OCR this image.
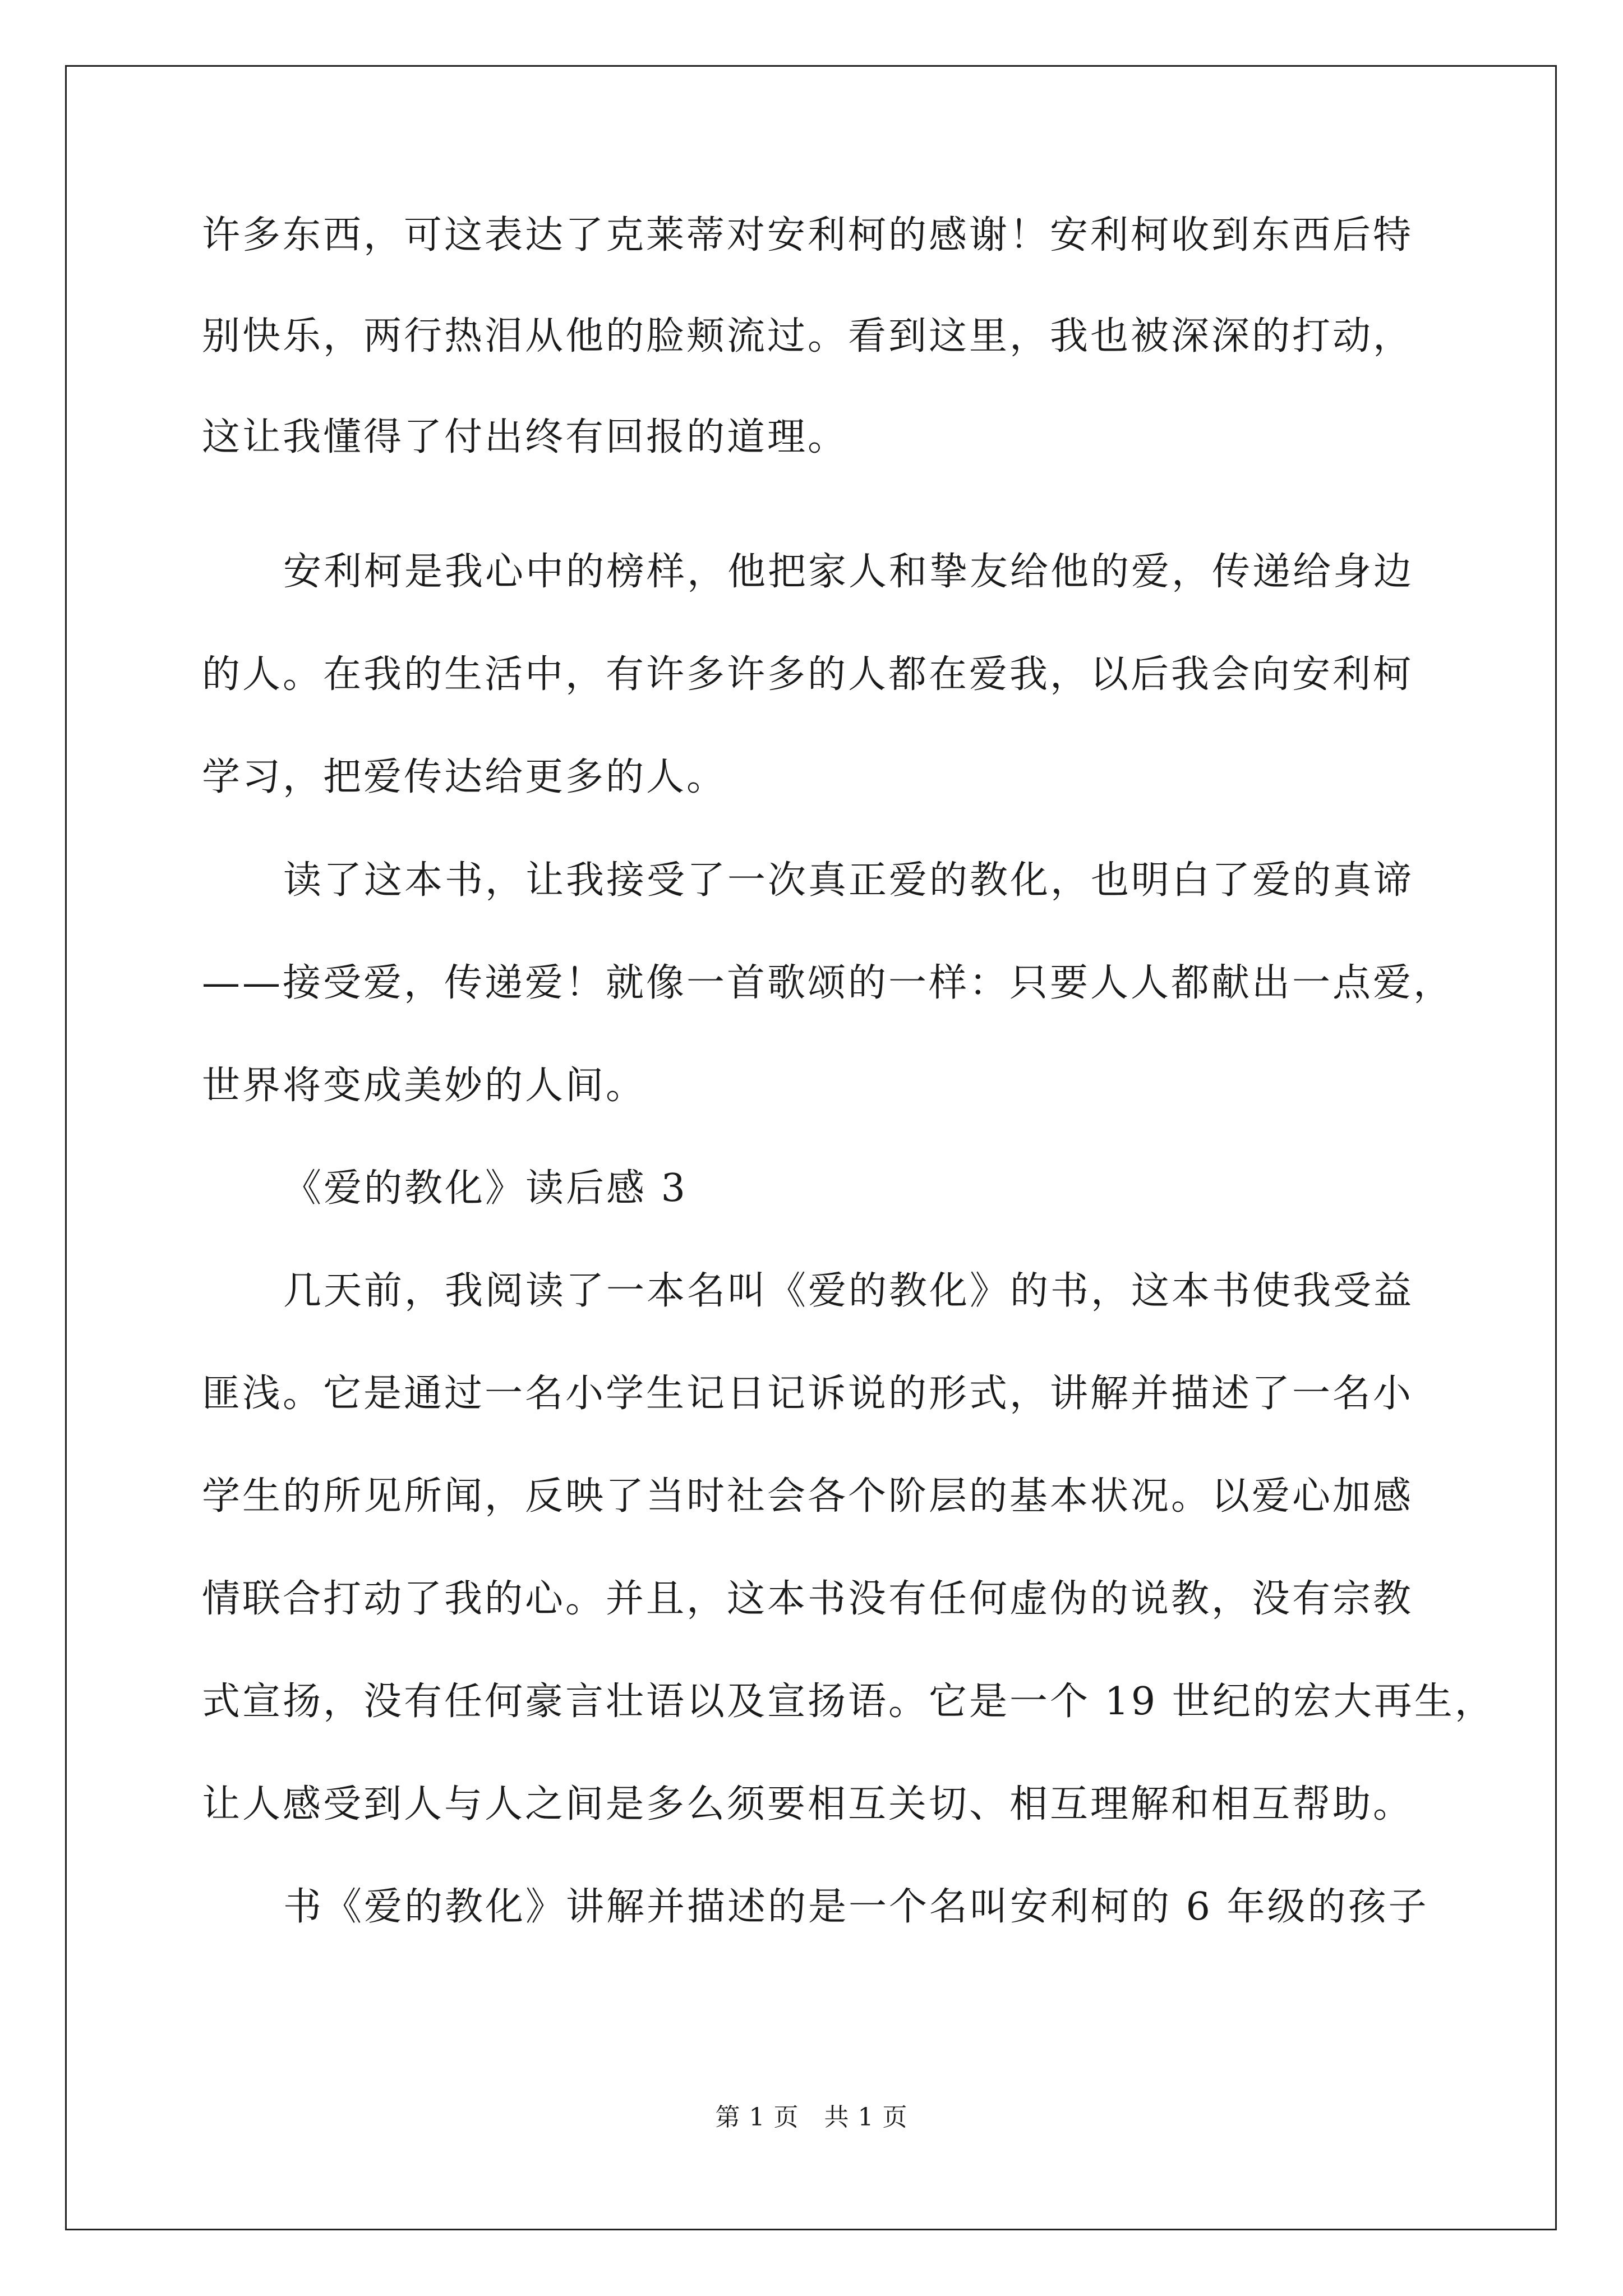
许多东西，可这表达了克莱蒂对安利柯的感谢！安利柯收到东西后特
别快乐，两行热泪从他的脸颊流过。看到这里，我也被深深的打动，
这让我懂得了付出终有回报的道理。
安利柯是我心中的榜样，他把家人和挚友给他的爱，传递给身边
的人。在我的生活中，有许多许多的人都在爱我，以后我会向安利柯
学习，把爱传达给更多的人。
读了这本书，让我接受了一次真正爱的教化，也明白了爱的真谛
——接受爱，传递爱！就像一首歌颂的一样：只要人人都献出一点爱，
世界将变成美妙的人间。
《爱的教化》读后感 3
几天前，我阅读了一本名叫《爱的教化》的书，这本书使我受益
匪浅。它是通过一名小学生记日记诉说的形式，讲解并描述了一名小
学生的所见所闻，反映了当时社会各个阶层的基本状况。以爱心加感
情联合打动了我的心。并且，这本书没有任何虚伪的说教，没有宗教
式宣扬，没有任何豪言壮语以及宣扬语。它是一个 19 世纪的宏大再生，
让人感受到人与人之间是多么须要相互关切、相互理解和相互帮助。
书《爱的教化》讲解并描述的是一个名叫安利柯的 6 年级的孩子
第 1 页　共 1 页
